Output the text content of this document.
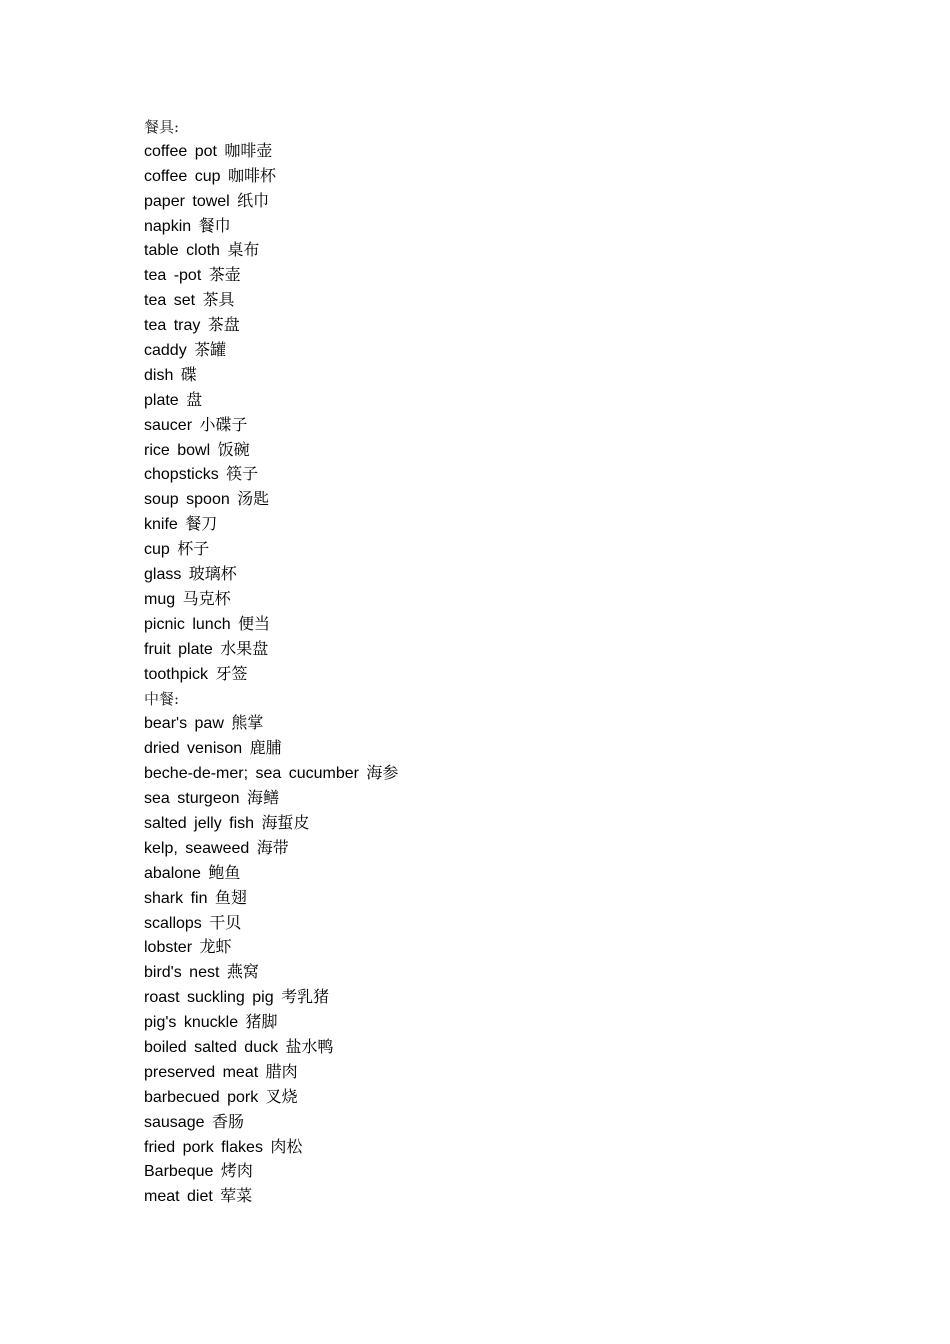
餐具:
coffee pot 咖啡壶
coffee cup 咖啡杯
paper towel 纸巾
napkin 餐巾
table cloth 桌布
tea -pot 茶壶
tea set 茶具
tea tray 茶盘
caddy 茶罐
dish 碟
plate 盘
saucer 小碟子
rice bowl 饭碗
chopsticks 筷子
soup spoon 汤匙
knife 餐刀
cup 杯子
glass 玻璃杯
mug 马克杯
picnic lunch 便当
fruit plate 水果盘
toothpick 牙签
中餐:
bear's paw 熊掌
dried venison 鹿脯
beche-de-mer; sea cucumber 海参
sea sturgeon 海鳝
salted jelly fish 海蜇皮
kelp, seaweed 海带
abalone 鲍鱼
shark fin 鱼翅
scallops 干贝
lobster 龙虾
bird's nest 燕窝
roast suckling pig 考乳猪
pig's knuckle 猪脚
boiled salted duck 盐水鸭
preserved meat 腊肉
barbecued pork 叉烧
sausage 香肠
fried pork flakes 肉松
Barbeque 烤肉
meat diet 荤菜
